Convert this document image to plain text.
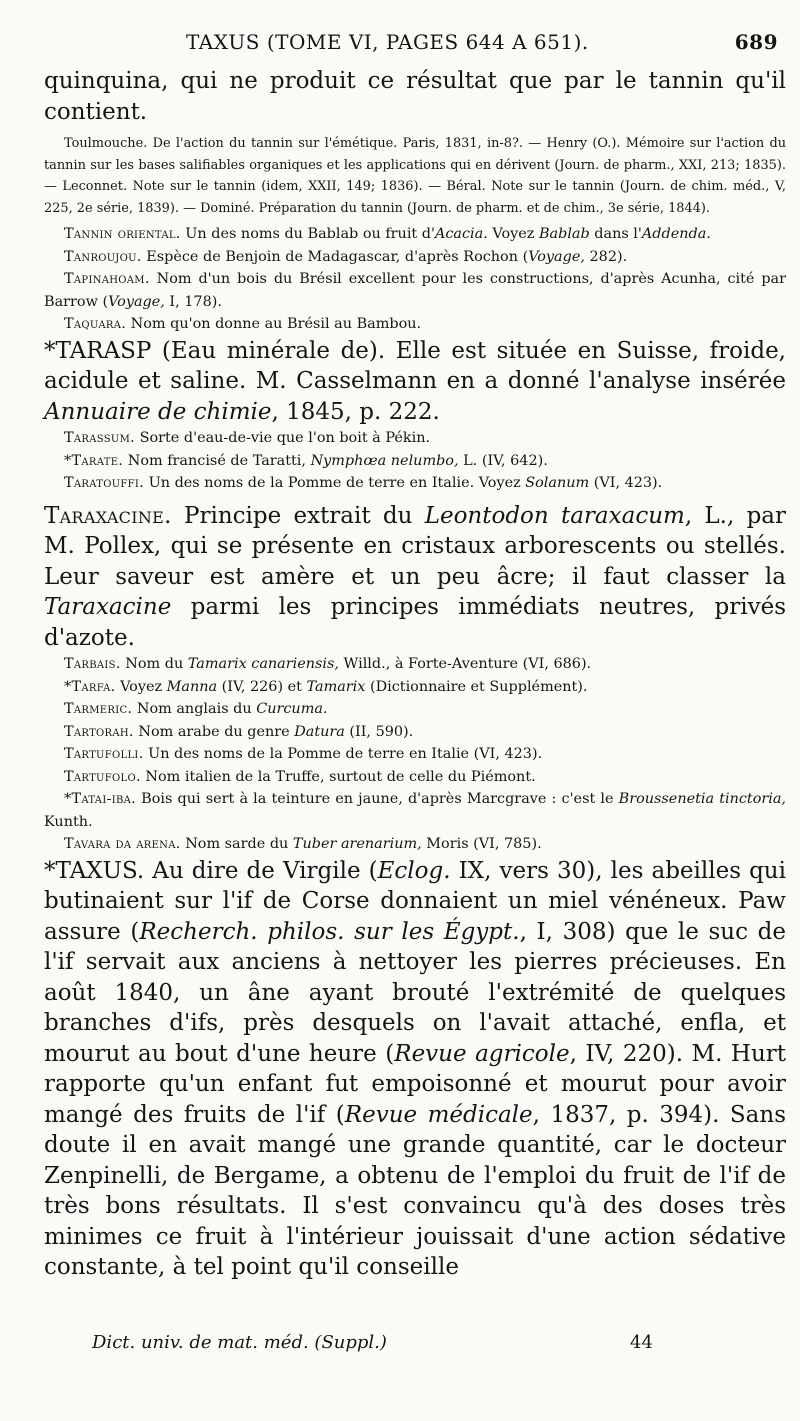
TAXUS (TOME VI, PAGES 644 A 651).	689

quinquina, qui ne produit ce résultat que par le tannin qu'il contient.

Toulmouche. De l'action du tannin sur l'émétique. Paris, 1831, in-8?. — Henry (O.). Mémoire sur l'action du tannin sur les bases salifiables organiques et les applications qui en dérivent (Journ. de pharm., XXI, 213; 1835). — Leconnet. Note sur le tannin (idem, XXII, 149; 1836). — Béral. Note sur le tannin (Journ. de chim. méd., V, 225, 2e série, 1839). — Dominé. Préparation du tannin (Journ. de pharm. et de chim., 3e série, 1844).

Tannin oriental. Un des noms du Bablab ou fruit d'Acacia. Voyez Bablab dans l'Addenda.

Tanroujou. Espèce de Benjoin de Madagascar, d'après Rochon (Voyage, 282).

Tapinahoam. Nom d'un bois du Brésil excellent pour les constructions, d'après Acunha, cité par Barrow (Voyage, I, 178).

Taquara. Nom qu'on donne au Brésil au Bambou.

*TARASP (Eau minérale de). Elle est située en Suisse, froide, acidule et saline. M. Casselmann en a donné l'analyse insérée Annuaire de chimie, 1845, p. 222.

Tarassum. Sorte d'eau-de-vie que l'on boit à Pékin.

*Tarate. Nom francisé de Taratti, Nymphœa nelumbo, L. (IV, 642).

Taratouffi. Un des noms de la Pomme de terre en Italie. Voyez Solanum (VI, 423).

Taraxacine. Principe extrait du Leontodon taraxacum, L., par M. Pollex, qui se présente en cristaux arborescents ou stellés. Leur saveur est amère et un peu âcre; il faut classer la Taraxacine parmi les principes immédiats neutres, privés d'azote.

Tarbais. Nom du Tamarix canariensis, Willd., à Forte-Aventure (VI, 686).

*Tarfa. Voyez Manna (IV, 226) et Tamarix (Dictionnaire et Supplément).

Tarmeric. Nom anglais du Curcuma.

Tartorah. Nom arabe du genre Datura (II, 590).

Tartufolli. Un des noms de la Pomme de terre en Italie (VI, 423).

Tartufolo. Nom italien de la Truffe, surtout de celle du Piémont.

*Tatai-iba. Bois qui sert à la teinture en jaune, d'après Marcgrave : c'est le Broussenetia tinctoria, Kunth.

Tavara da arena. Nom sarde du Tuber arenarium, Moris (VI, 785).

*TAXUS. Au dire de Virgile (Eclog. IX, vers 30), les abeilles qui butinaient sur l'if de Corse donnaient un miel vénéneux. Paw assure (Recherch. philos. sur les Égypt., I, 308) que le suc de l'if servait aux anciens à nettoyer les pierres précieuses. En août 1840, un âne ayant brouté l'extrémité de quelques branches d'ifs, près desquels on l'avait attaché, enfla, et mourut au bout d'une heure (Revue agricole, IV, 220). M. Hurt rapporte qu'un enfant fut empoisonné et mourut pour avoir mangé des fruits de l'if (Revue médicale, 1837, p. 394). Sans doute il en avait mangé une grande quantité, car le docteur Zenpinelli, de Bergame, a obtenu de l'emploi du fruit de l'if de très bons résultats. Il s'est convaincu qu'à des doses très minimes ce fruit à l'intérieur jouissait d'une action sédative constante, à tel point qu'il conseille

Dict. univ. de mat. méd. (Suppl.)	44
